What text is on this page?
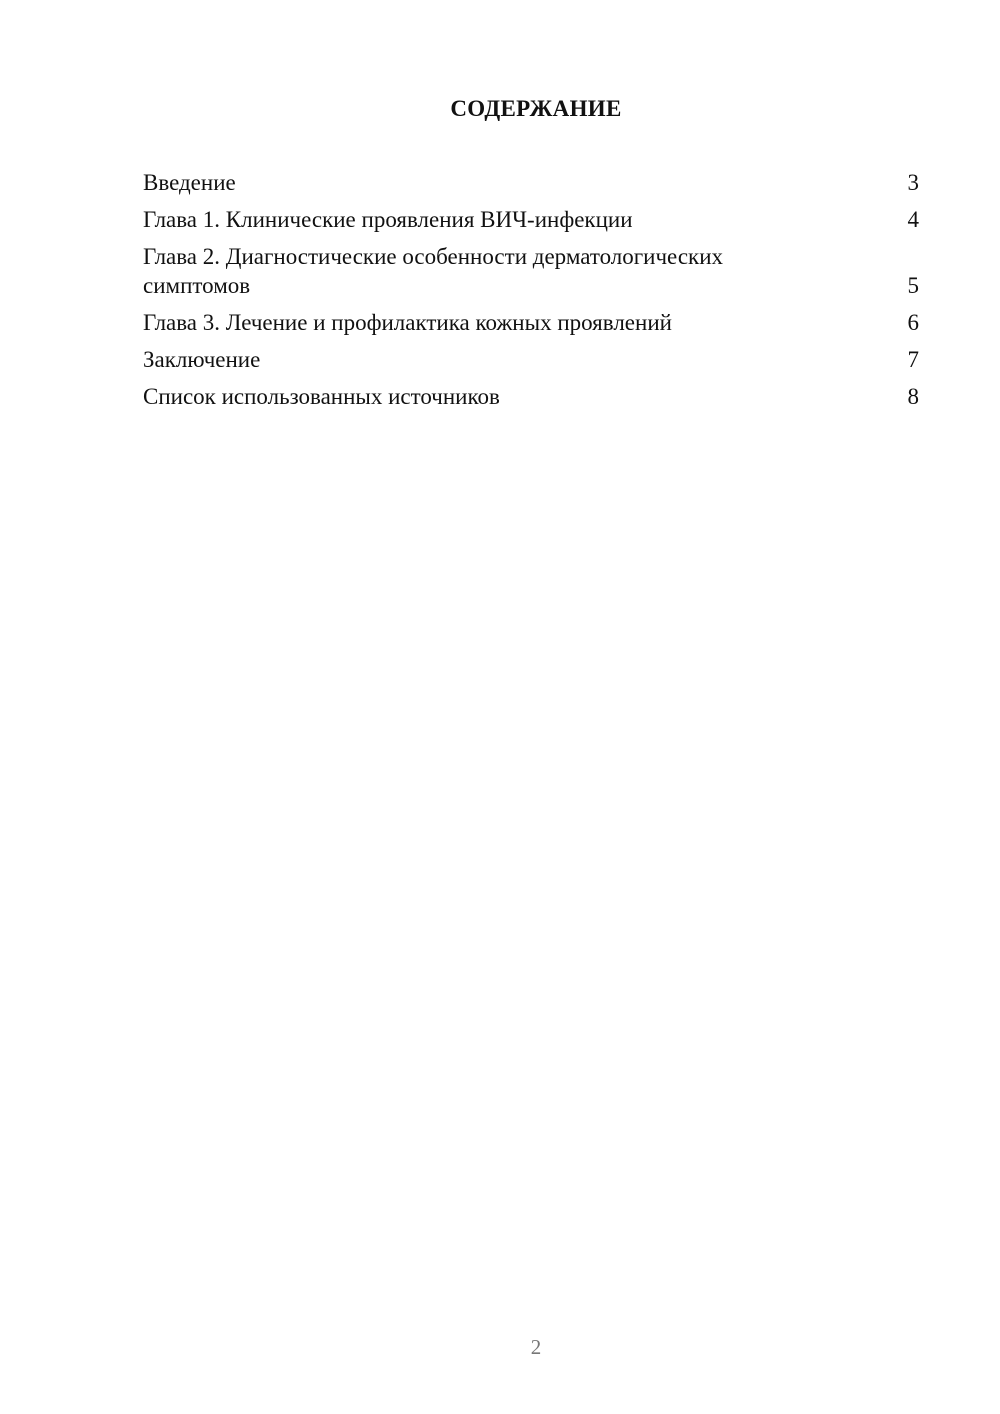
СОДЕРЖАНИЕ
Введение	3
Глава 1. Клинические проявления ВИЧ-инфекции	4
Глава 2. Диагностические особенности дерматологических симптомов	5
Глава 3. Лечение и профилактика кожных проявлений	6
Заключение	7
Список использованных источников	8
2
